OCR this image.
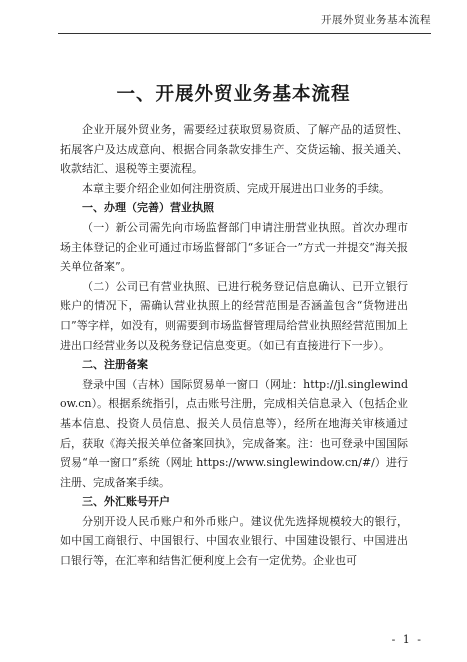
开展外贸业务基本流程
一、开展外贸业务基本流程

企业开展外贸业务，需要经过获取贸易资质、了解产品的适贸性、拓展客户及达成意向、根据合同条款安排生产、交货运输、报关通关、收款结汇、退税等主要流程。

本章主要介绍企业如何注册资质、完成开展进出口业务的手续。

一、办理（完善）营业执照

（一）新公司需先向市场监督部门申请注册营业执照。首次办理市场主体登记的企业可通过市场监督部门“多证合一”方式一并提交“海关报关单位备案”。

（二）公司已有营业执照、已进行税务登记信息确认、已开立银行账户的情况下，需确认营业执照上的经营范围是否涵盖包含“货物进出口”等字样，如没有，则需要到市场监督管理局给营业执照经营范围加上进出口经营业务以及税务登记信息变更。（如已有直接进行下一步）。

二、注册备案

登录中国（吉林）国际贸易单一窗口（网址：http://jl.singlewindow.cn）。根据系统指引，点击账号注册，完成相关信息录入（包括企业基本信息、投资人员信息、报关人员信息等），经所在地海关审核通过后，获取《海关报关单位备案回执》，完成备案。注：也可登录中国国际贸易“单一窗口”系统（网址 https://www.singlewindow.cn/#/）进行注册、完成备案手续。

三、外汇账号开户

分别开设人民币账户和外币账户。建议优先选择规模较大的银行，如中国工商银行、中国银行、中国农业银行、中国建设银行、中国进出口银行等，在汇率和结售汇便利度上会有一定优势。企业也可

- 1 -
